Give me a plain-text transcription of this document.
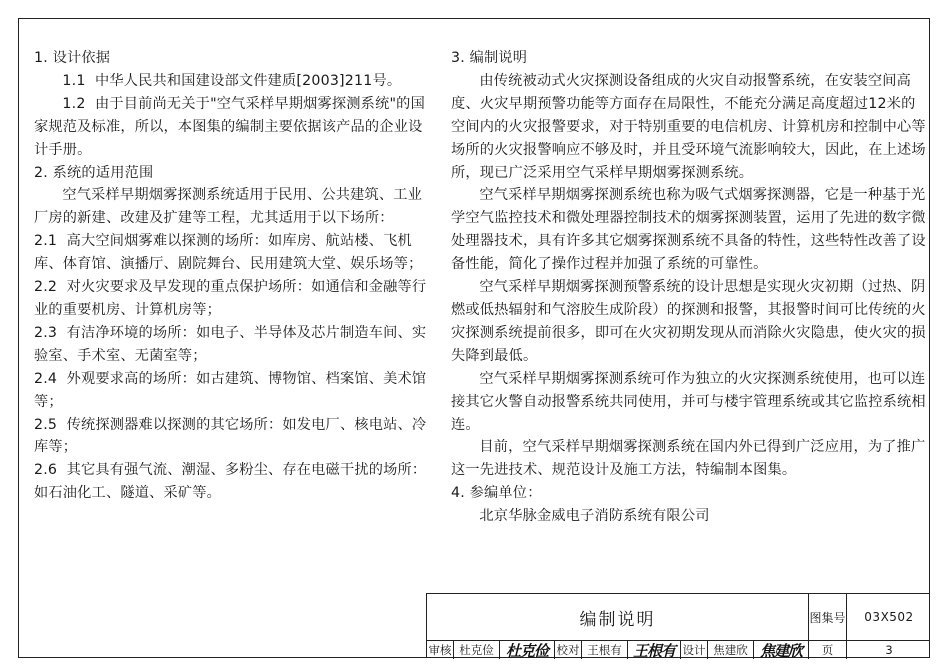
1. 设计依据

1.1  中华人民共和国建设部文件建质[2003]211号。

1.2  由于目前尚无关于"空气采样早期烟雾探测系统"的国家规范及标准，所以，本图集的编制主要依据该产品的企业设计手册。

2. 系统的适用范围

空气采样早期烟雾探测系统适用于民用、公共建筑、工业厂房的新建、改建及扩建等工程，尤其适用于以下场所：

2.1  高大空间烟雾难以探测的场所：如库房、航站楼、飞机库、体育馆、演播厅、剧院舞台、民用建筑大堂、娱乐场等；

2.2  对火灾要求及早发现的重点保护场所：如通信和金融等行业的重要机房、计算机房等；

2.3  有洁净环境的场所：如电子、半导体及芯片制造车间、实验室、手术室、无菌室等；

2.4  外观要求高的场所：如古建筑、博物馆、档案馆、美术馆等；

2.5  传统探测器难以探测的其它场所：如发电厂、核电站、冷库等；

2.6  其它具有强气流、潮湿、多粉尘、存在电磁干扰的场所：如石油化工、隧道、采矿等。

3. 编制说明

由传统被动式火灾探测设备组成的火灾自动报警系统，在安装空间高度、火灾早期预警功能等方面存在局限性，不能充分满足高度超过12米的空间内的火灾报警要求，对于特别重要的电信机房、计算机房和控制中心等场所的火灾报警响应不够及时，并且受环境气流影响较大，因此，在上述场所，现已广泛采用空气采样早期烟雾探测系统。

空气采样早期烟雾探测系统也称为吸气式烟雾探测器，它是一种基于光学空气监控技术和微处理器控制技术的烟雾探测装置，运用了先进的数字微处理器技术，具有许多其它烟雾探测系统不具备的特性，这些特性改善了设备性能，简化了操作过程并加强了系统的可靠性。

空气采样早期烟雾探测预警系统的设计思想是实现火灾初期（过热、阴燃或低热辐射和气溶胶生成阶段）的探测和报警，其报警时间可比传统的火灾探测系统提前很多，即可在火灾初期发现从而消除火灾隐患，使火灾的损失降到最低。

空气采样早期烟雾探测系统可作为独立的火灾探测系统使用，也可以连接其它火警自动报警系统共同使用，并可与楼宇管理系统或其它监控系统相连。

目前，空气采样早期烟雾探测系统在国内外已得到广泛应用，为了推广这一先进技术、规范设计及施工方法，特编制本图集。

4. 参编单位：

北京华脉金威电子消防系统有限公司

编制说明	图集号	03X502
审核 杜克俭 杜克俭 校对 王根有 王根有 设计 焦建欣 焦建欣	页	3
